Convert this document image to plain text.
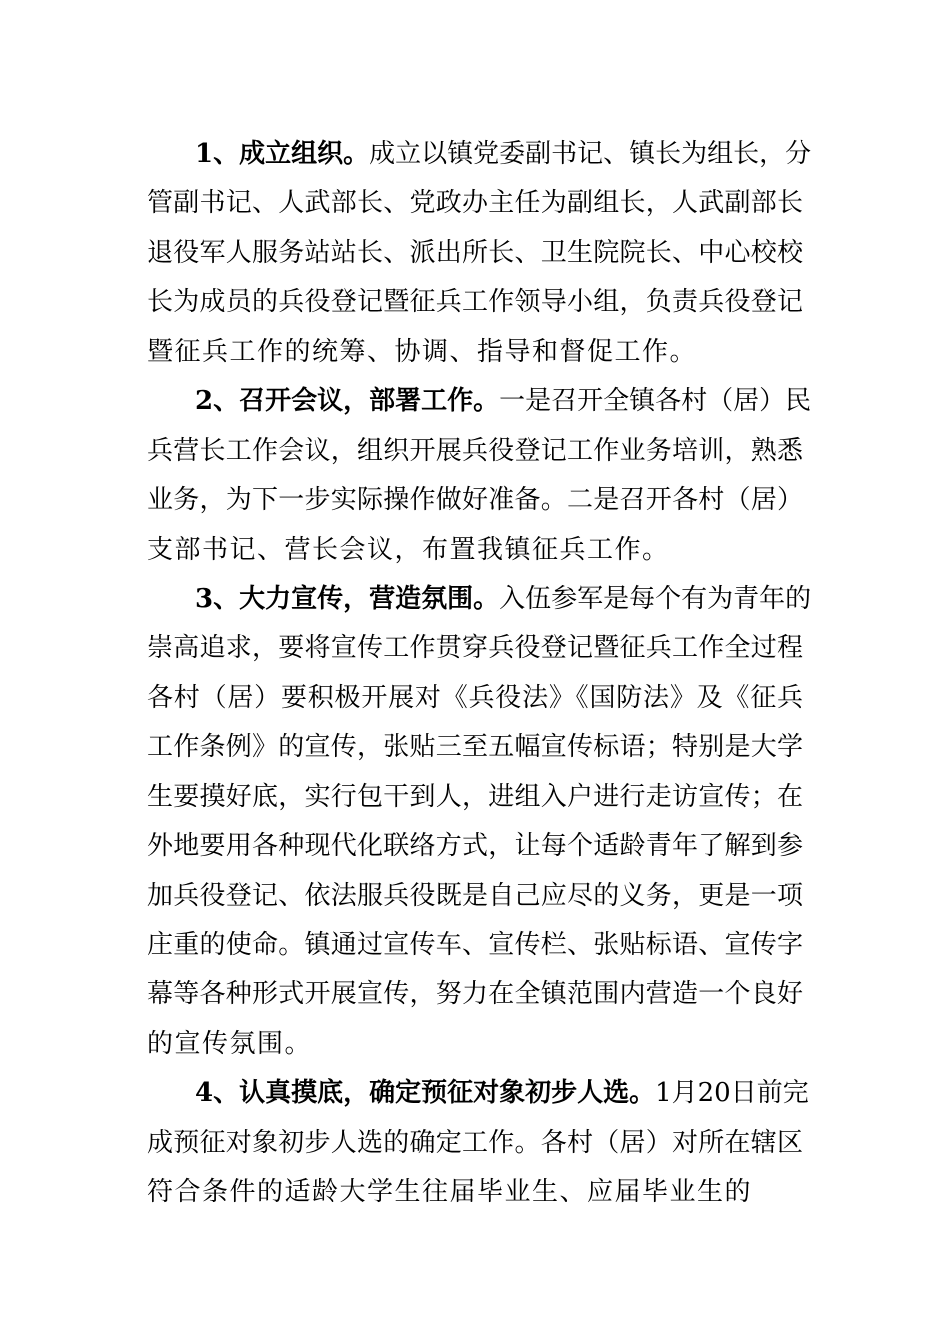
1、成立组织。成立以镇党委副书记、镇长为组长，分
管副书记、人武部长、党政办主任为副组长，人武副部长
退役军人服务站站长、派出所长、卫生院院长、中心校校
长为成员的兵役登记暨征兵工作领导小组，负责兵役登记
暨征兵工作的统筹、协调、指导和督促工作。
2、召开会议，部署工作。一是召开全镇各村（居）民
兵营长工作会议，组织开展兵役登记工作业务培训，熟悉
业务，为下一步实际操作做好准备。二是召开各村（居）
支部书记、营长会议，布置我镇征兵工作。
3、大力宣传，营造氛围。入伍参军是每个有为青年的
崇高追求，要将宣传工作贯穿兵役登记暨征兵工作全过程
各村（居）要积极开展对《兵役法》《国防法》及《征兵
工作条例》的宣传，张贴三至五幅宣传标语；特别是大学
生要摸好底，实行包干到人，进组入户进行走访宣传；在
外地要用各种现代化联络方式，让每个适龄青年了解到参
加兵役登记、依法服兵役既是自己应尽的义务，更是一项
庄重的使命。镇通过宣传车、宣传栏、张贴标语、宣传字
幕等各种形式开展宣传，努力在全镇范围内营造一个良好
的宣传氛围。
4、认真摸底，确定预征对象初步人选。1月20日前完
成预征对象初步人选的确定工作。各村（居）对所在辖区
符合条件的适龄大学生往届毕业生、应届毕业生的
